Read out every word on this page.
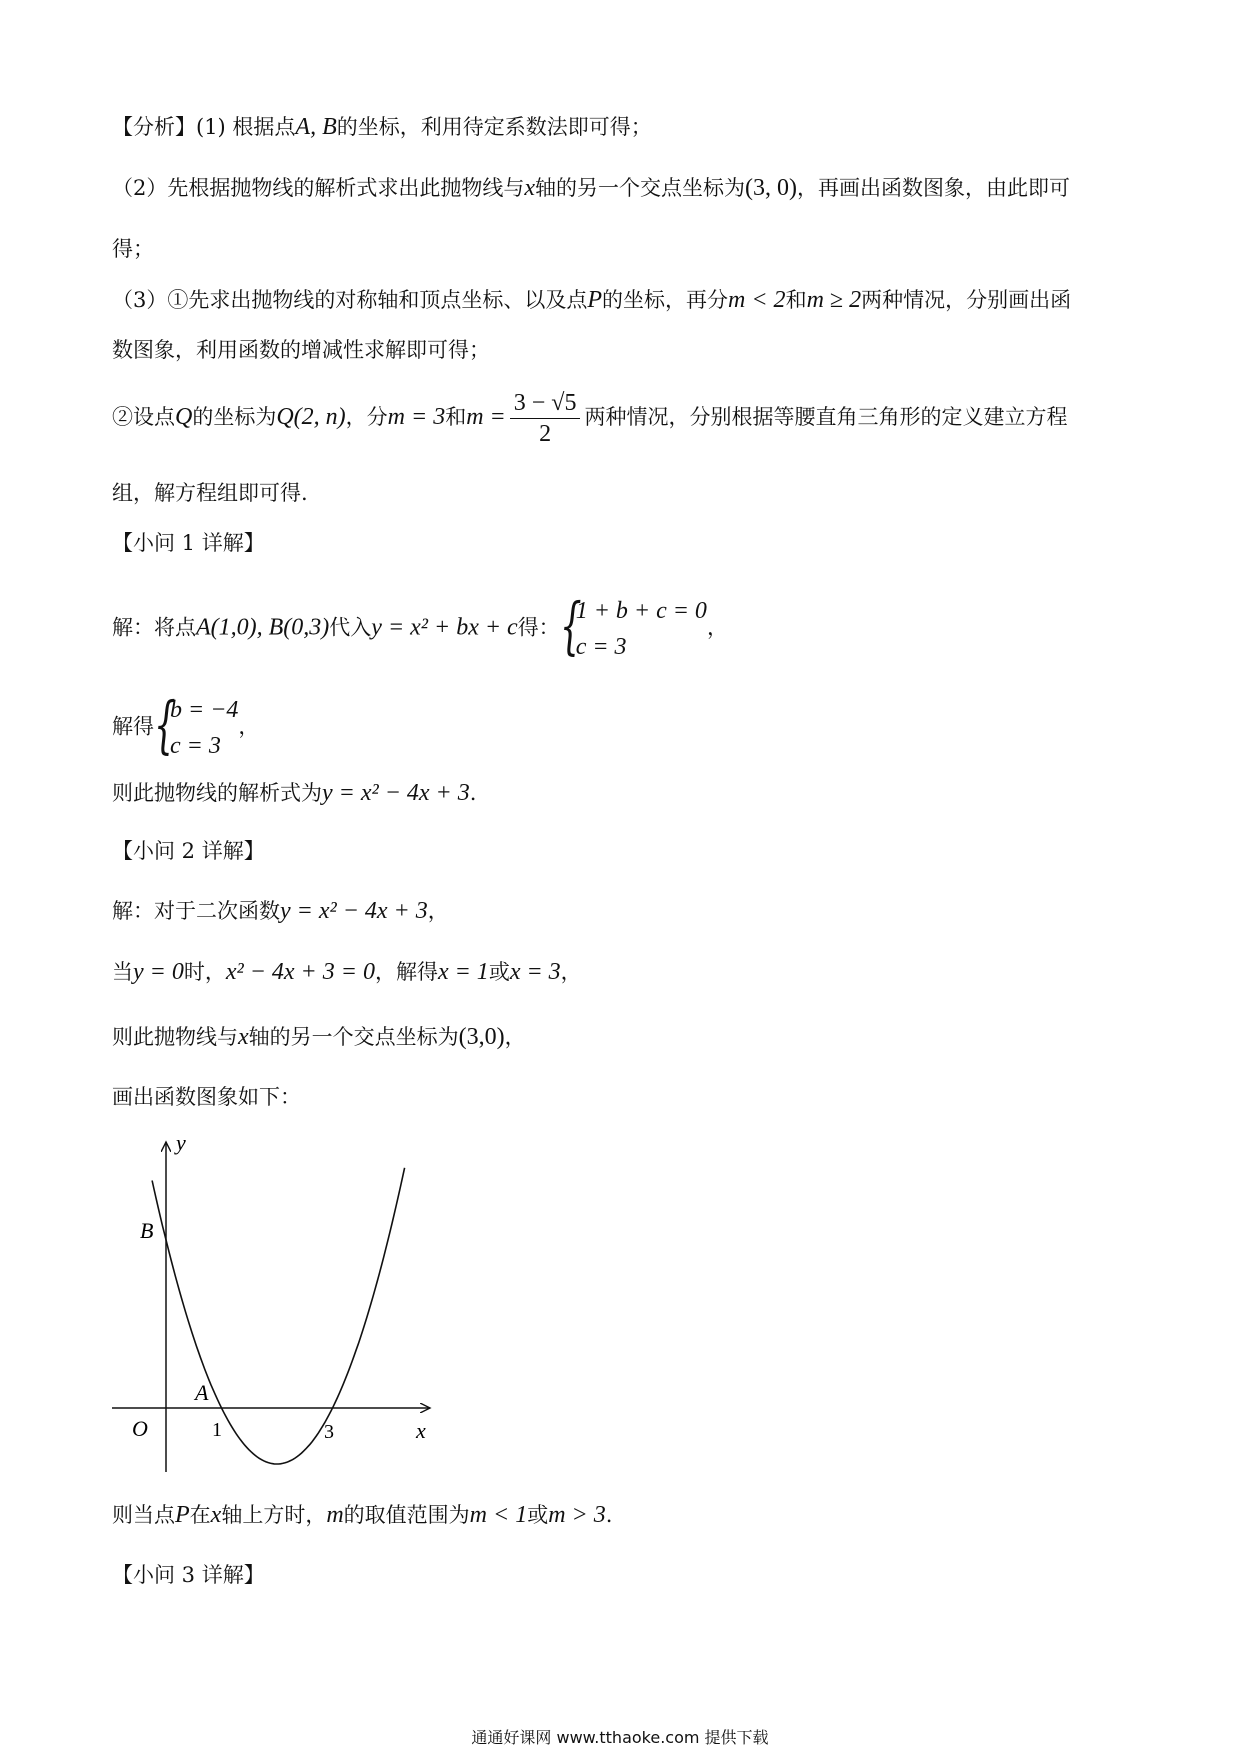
【分析】(1) 根据点A, B的坐标，利用待定系数法即可得；
（2）先根据抛物线的解析式求出此抛物线与x轴的另一个交点坐标为(3, 0)，再画出函数图象，由此即可
得；
（3）①先求出抛物线的对称轴和顶点坐标、以及点P的坐标，再分m < 2和m ≥ 2两种情况，分别画出函
数图象，利用函数的增减性求解即可得；
②设点Q的坐标为Q(2, n)，分m = 3和$m = \frac{3 - √5}{2}$ 两种情况，分别根据等腰直角三角形的定义建立方程
组，解方程组即可得.
【小问 1 详解】
解：将点A(1,0), B(0,3)代入y = x² + bx + c得： {
1 + b + c = 0
c = 3
，
解得 {
b = −4
c = 3
，
则此抛物线的解析式为y = x² − 4x + 3.
【小问 2 详解】
解：对于二次函数y = x² − 4x + 3，
当y = 0时，x² − 4x + 3 = 0，解得x = 1或x = 3，
则此抛物线与x轴的另一个交点坐标为(3,0)，
画出函数图象如下：
y
x
O
B
A
1	3
则当点P在x轴上方时，m的取值范围为m < 1或m > 3.
【小问 3 详解】
通通好课网 www.tthaoke.com 提供下载
